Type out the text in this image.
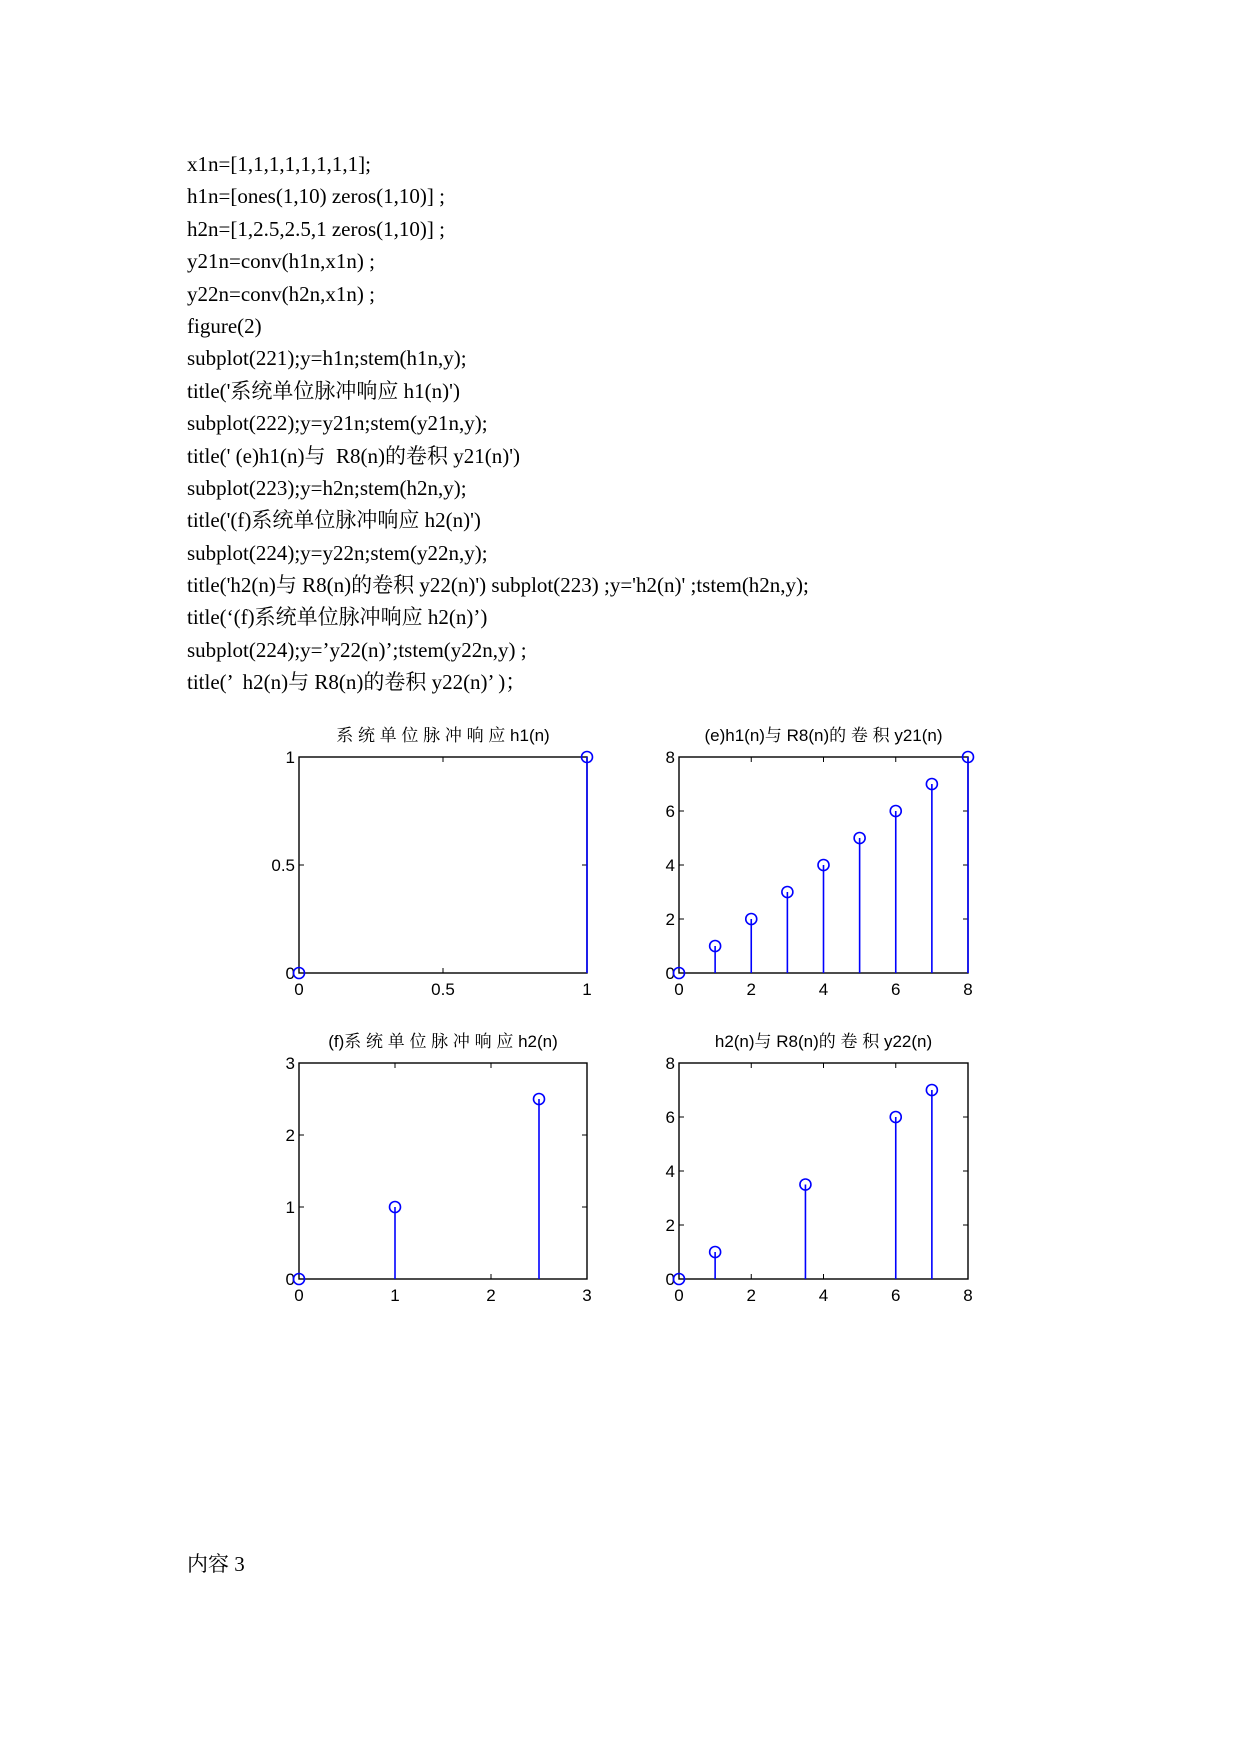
x1n=[1,1,1,1,1,1,1,1];
h1n=[ones(1,10) zeros(1,10)] ;
h2n=[1,2.5,2.5,1 zeros(1,10)] ;
y21n=conv(h1n,x1n) ;
y22n=conv(h2n,x1n) ;
figure(2)
subplot(221);y=h1n;stem(h1n,y);
title('系统单位脉冲响应 h1(n)')
subplot(222);y=y21n;stem(y21n,y);
title(' (e)h1(n)与  R8(n)的卷积 y21(n)')
subplot(223);y=h2n;stem(h2n,y);
title('(f)系统单位脉冲响应 h2(n)')
subplot(224);y=y22n;stem(y22n,y);
title('h2(n)与 R8(n)的卷积 y22(n)') subplot(223) ;y='h2(n)' ;tstem(h2n,y);
title(‘(f)系统单位脉冲响应 h2(n)’)
subplot(224);y=’y22(n)’;tstem(y22n,y) ;
title(’  h2(n)与 R8(n)的卷积 y22(n)’ )；
系 统 单 位 脉 冲 响 应 h1(n)
0	0.5	1
0
0.5
1
(e)h1(n)与 R8(n)的 卷 积 y21(n)
0	2	4	6	8
0
2
4
6
8
(f)系 统 单 位 脉 冲 响 应 h2(n)
0	1	2	3
0
1
2
3
h2(n)与 R8(n)的 卷 积 y22(n)
0	2	4	6	8
0
2
4
6
8
内容 3
